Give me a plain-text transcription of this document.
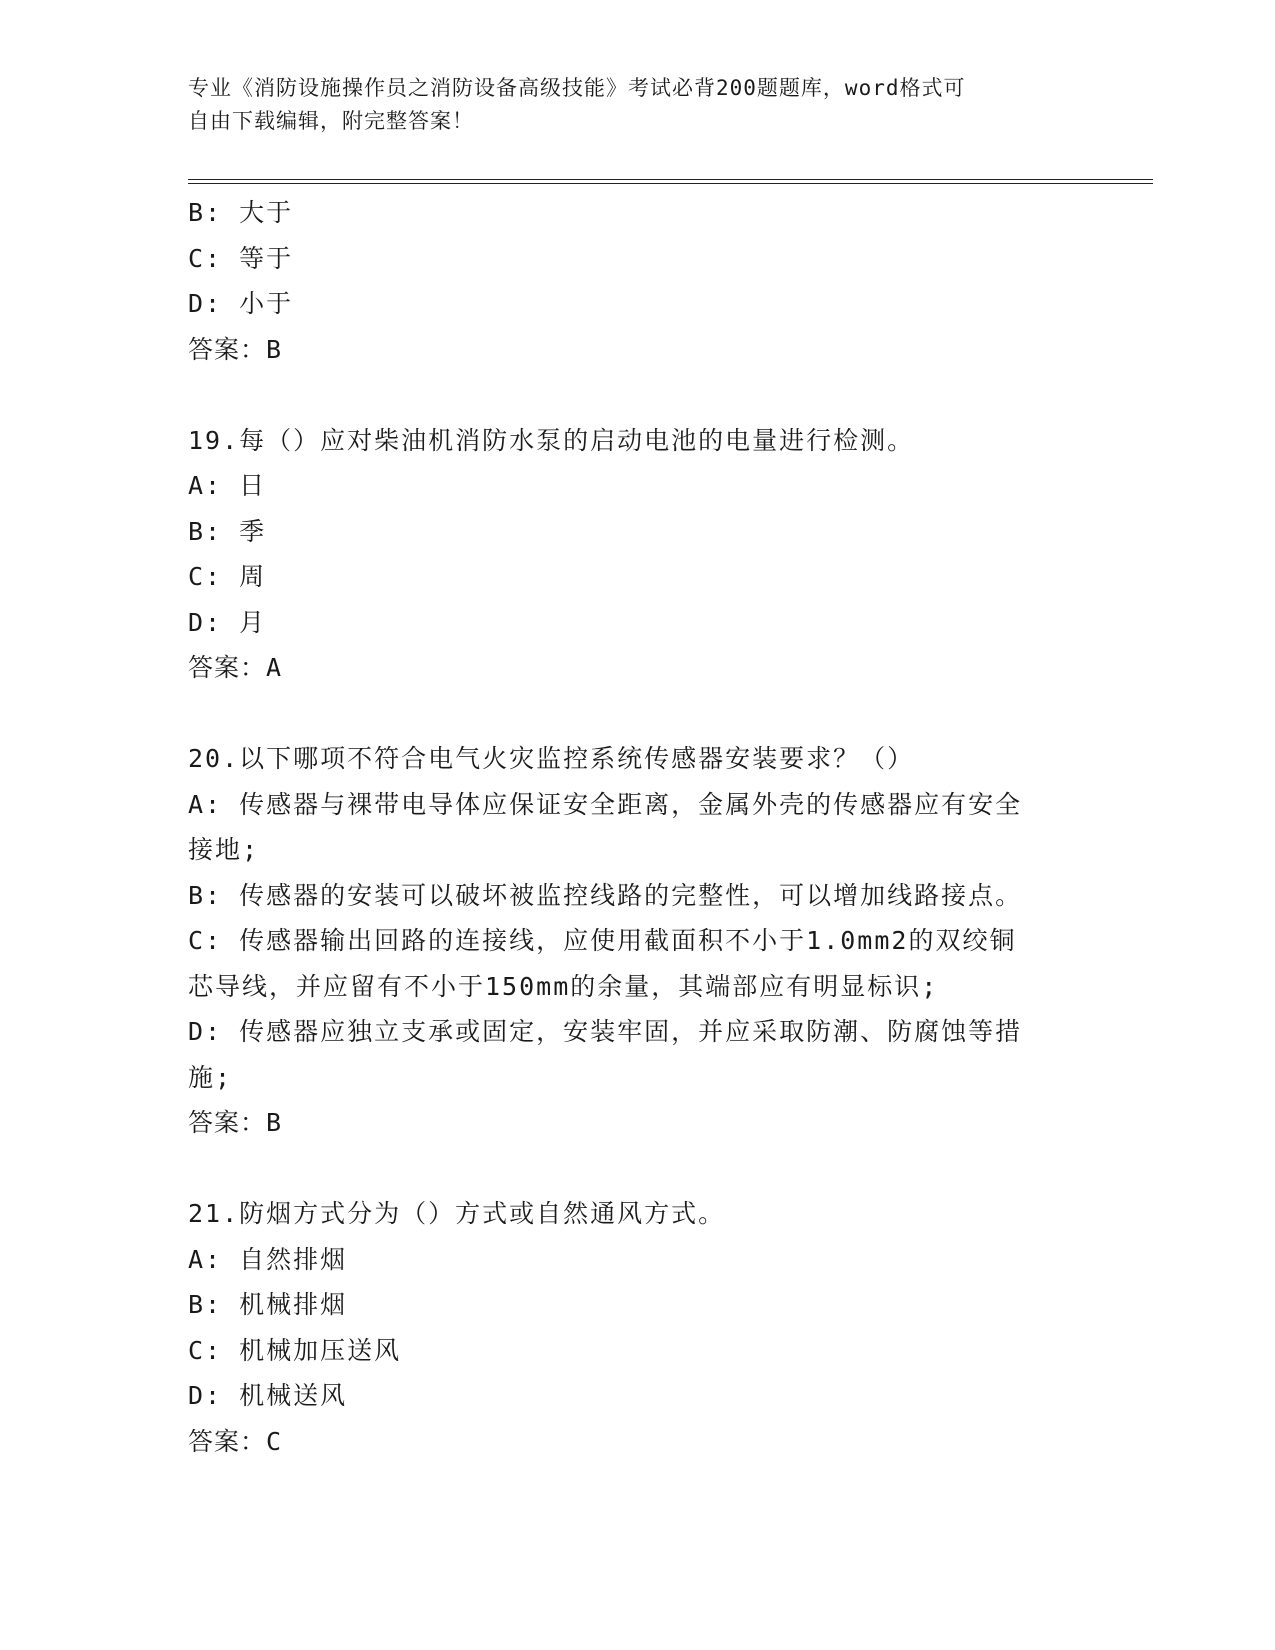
专业《消防设施操作员之消防设备高级技能》考试必背200题题库，word格式可
自由下载编辑，附完整答案！
B: 大于
C: 等于
D: 小于
答案：B
19.每（）应对柴油机消防水泵的启动电池的电量进行检测。
A: 日
B: 季
C: 周
D: 月
答案：A
20.以下哪项不符合电气火灾监控系统传感器安装要求？（）
A: 传感器与裸带电导体应保证安全距离，金属外壳的传感器应有安全
接地;
B: 传感器的安装可以破坏被监控线路的完整性，可以增加线路接点。
C: 传感器输出回路的连接线，应使用截面积不小于1.0mm2的双绞铜
芯导线，并应留有不小于150mm的余量，其端部应有明显标识;
D: 传感器应独立支承或固定，安装牢固，并应采取防潮、防腐蚀等措
施;
答案：B
21.防烟方式分为（）方式或自然通风方式。
A: 自然排烟
B: 机械排烟
C: 机械加压送风
D: 机械送风
答案：C
